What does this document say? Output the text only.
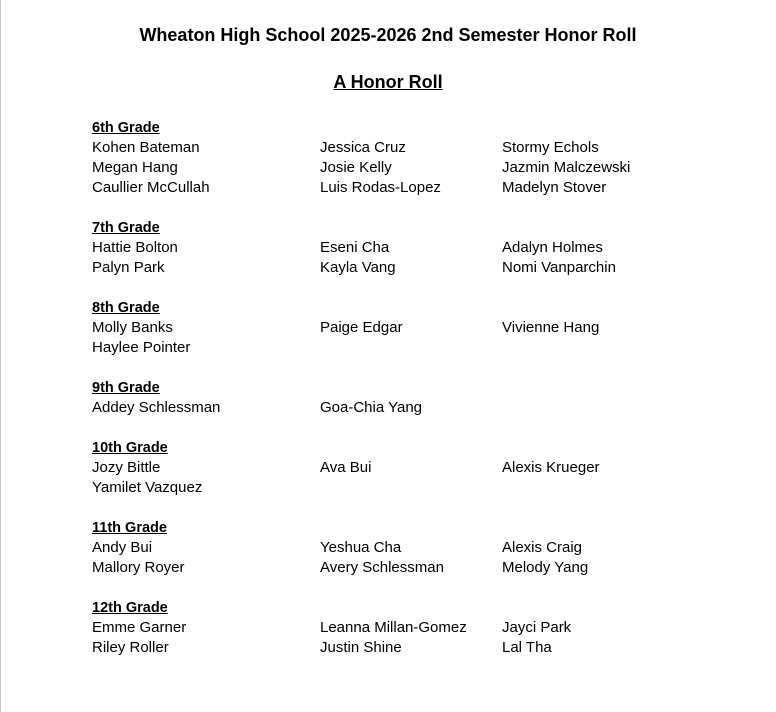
Wheaton High School 2025-2026 2nd Semester Honor Roll
A Honor Roll
6th Grade
Kohen Bateman	Jessica Cruz	Stormy Echols
Megan Hang	Josie Kelly	Jazmin Malczewski
Caullier McCullah	Luis Rodas-Lopez	Madelyn Stover
7th Grade
Hattie Bolton	Eseni Cha	Adalyn Holmes
Palyn Park	Kayla Vang	Nomi Vanparchin
8th Grade
Molly Banks	Paige Edgar	Vivienne Hang
Haylee Pointer
9th Grade
Addey Schlessman	Goa-Chia Yang
10th Grade
Jozy Bittle	Ava Bui	Alexis Krueger
Yamilet Vazquez
11th Grade
Andy Bui	Yeshua Cha	Alexis Craig
Mallory Royer	Avery Schlessman	Melody Yang
12th Grade
Emme Garner	Leanna Millan-Gomez	Jayci Park
Riley Roller	Justin Shine	Lal Tha
